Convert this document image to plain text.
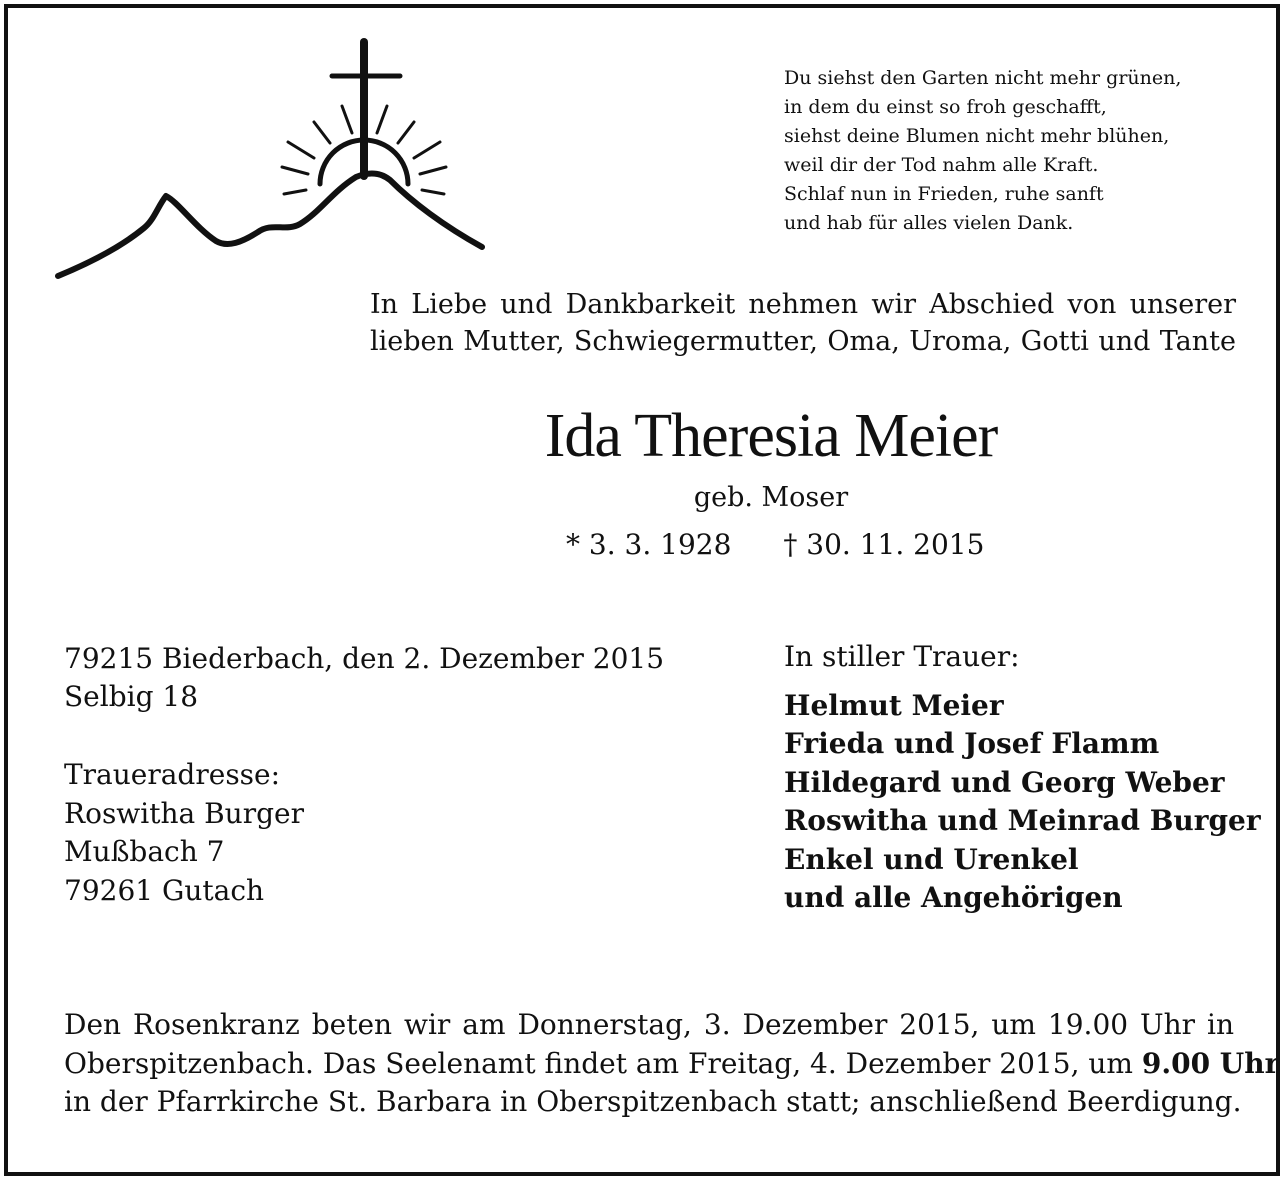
Du siehst den Garten nicht mehr grünen,
in dem du einst so froh geschafft,
siehst deine Blumen nicht mehr blühen,
weil dir der Tod nahm alle Kraft.
Schlaf nun in Frieden, ruhe sanft
und hab für alles vielen Dank.
In Liebe und Dankbarkeit nehmen wir Abschied von unserer
lieben Mutter, Schwiegermutter, Oma, Uroma, Gotti und Tante
Ida Theresia Meier
geb. Moser
* 3. 3. 1928 † 30. 11. 2015
79215 Biederbach, den 2. Dezember 2015
Selbig 18
Traueradresse:
Roswitha Burger
Mußbach 7
79261 Gutach
In stiller Trauer:
Helmut Meier
Frieda und Josef Flamm
Hildegard und Georg Weber
Roswitha und Meinrad Burger
Enkel und Urenkel
und alle Angehörigen
Den Rosenkranz beten wir am Donnerstag, 3. Dezember 2015, um 19.00 Uhr in
Oberspitzenbach. Das Seelenamt findet am Freitag, 4. Dezember 2015, um 9.00 Uhr
in der Pfarrkirche St. Barbara in Oberspitzenbach statt; anschließend Beerdigung.
